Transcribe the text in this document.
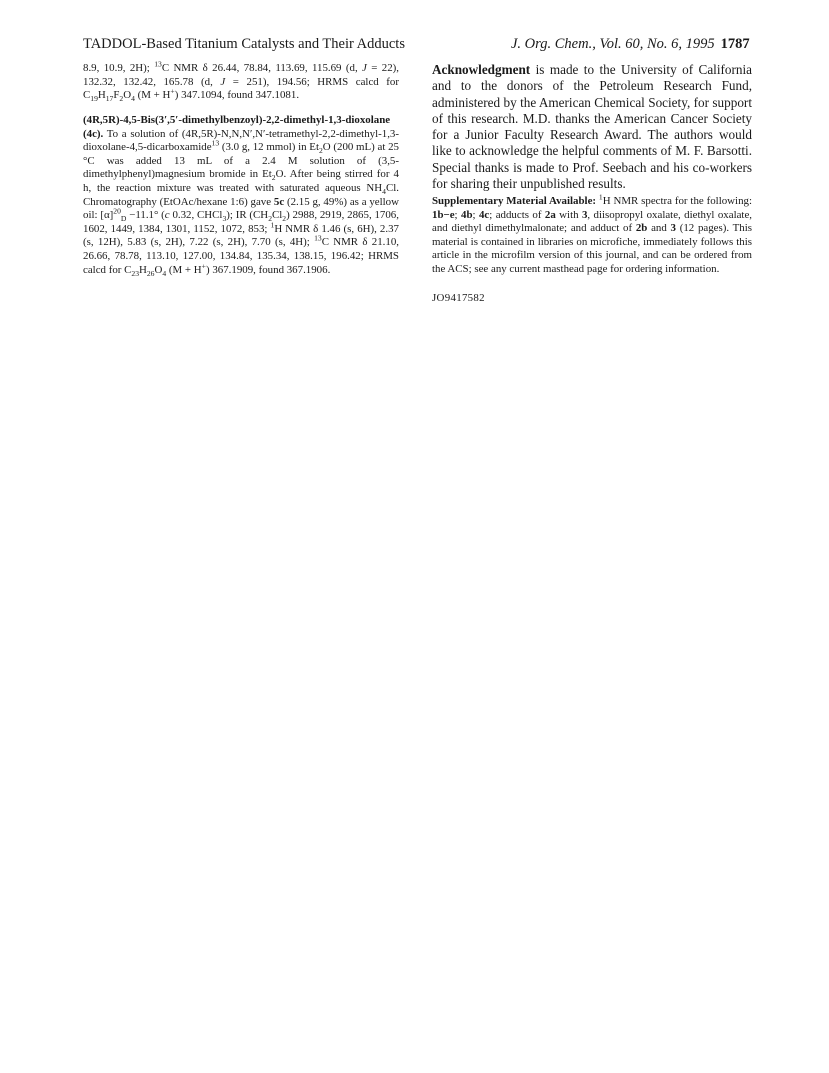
TADDOL-Based Titanium Catalysts and Their Adducts	J. Org. Chem., Vol. 60, No. 6, 1995 1787

8.9, 10.9, 2H); $^{13}$C NMR δ 26.44, 78.84, 113.69, 115.69 (d, J = 22), 132.32, 132.42, 165.78 (d, J = 251), 194.56; HRMS calcd for $C_{19}H_{17}F_2O_4$ (M + H+) 347.1094, found 347.1081.

(4R,5R)-4,5-Bis(3′,5′-dimethylbenzoyl)-2,2-dimethyl-1,3-dioxolane (4c). To a solution of (4R,5R)-N,N,N′,N′-tetramethyl-2,2-dimethyl-1,3-dioxolane-4,5-dicarboxamide$^{13}$ (3.0 g, 12 mmol) in $Et_2O$ (200 mL) at 25 °C was added 13 mL of a 2.4 M solution of (3,5-dimethylphenyl)magnesium bromide in $Et_2O$. After being stirred for 4 h, the reaction mixture was treated with saturated aqueous $NH_4Cl$. Chromatography (EtOAc/hexane 1:6) gave 5c (2.15 g, 49%) as a yellow oil: $[\alpha]^{20}_D -11.1^\circ$ (c 0.32, CHCl$_3$); IR $(CH_2Cl_2)$ 2988, 2919, 2865, 1706, 1602, 1449, 1384, 1301, 1152, 1072, 853; $^1$H NMR δ 1.46 (s, 6H), 2.37 (s, 12H), 5.83 (s, 2H), 7.22 (s, 2H), 7.70 (s, 4H); $^{13}$C NMR δ 21.10, 26.66, 78.78, 113.10, 127.00, 134.84, 135.34, 138.15, 196.42; HRMS calcd for $C_{23}H_{26}O_4$ (M + H+) 367.1909, found 367.1906.

Acknowledgment is made to the University of California and to the donors of the Petroleum Research Fund, administered by the American Chemical Society, for support of this research. M.D. thanks the American Cancer Society for a Junior Faculty Research Award. The authors would like to acknowledge the helpful comments of M. F. Barsotti. Special thanks is made to Prof. Seebach and his co-workers for sharing their unpublished results.

Supplementary Material Available: $^1$H NMR spectra for the following: 1b−e; 4b; 4c; adducts of 2a with 3, diisopropyl oxalate, diethyl oxalate, and diethyl dimethylmalonate; and adduct of 2b and 3 (12 pages). This material is contained in libraries on microfiche, immediately follows this article in the microfilm version of this journal, and can be ordered from the ACS; see any current masthead page for ordering information.

JO9417582
